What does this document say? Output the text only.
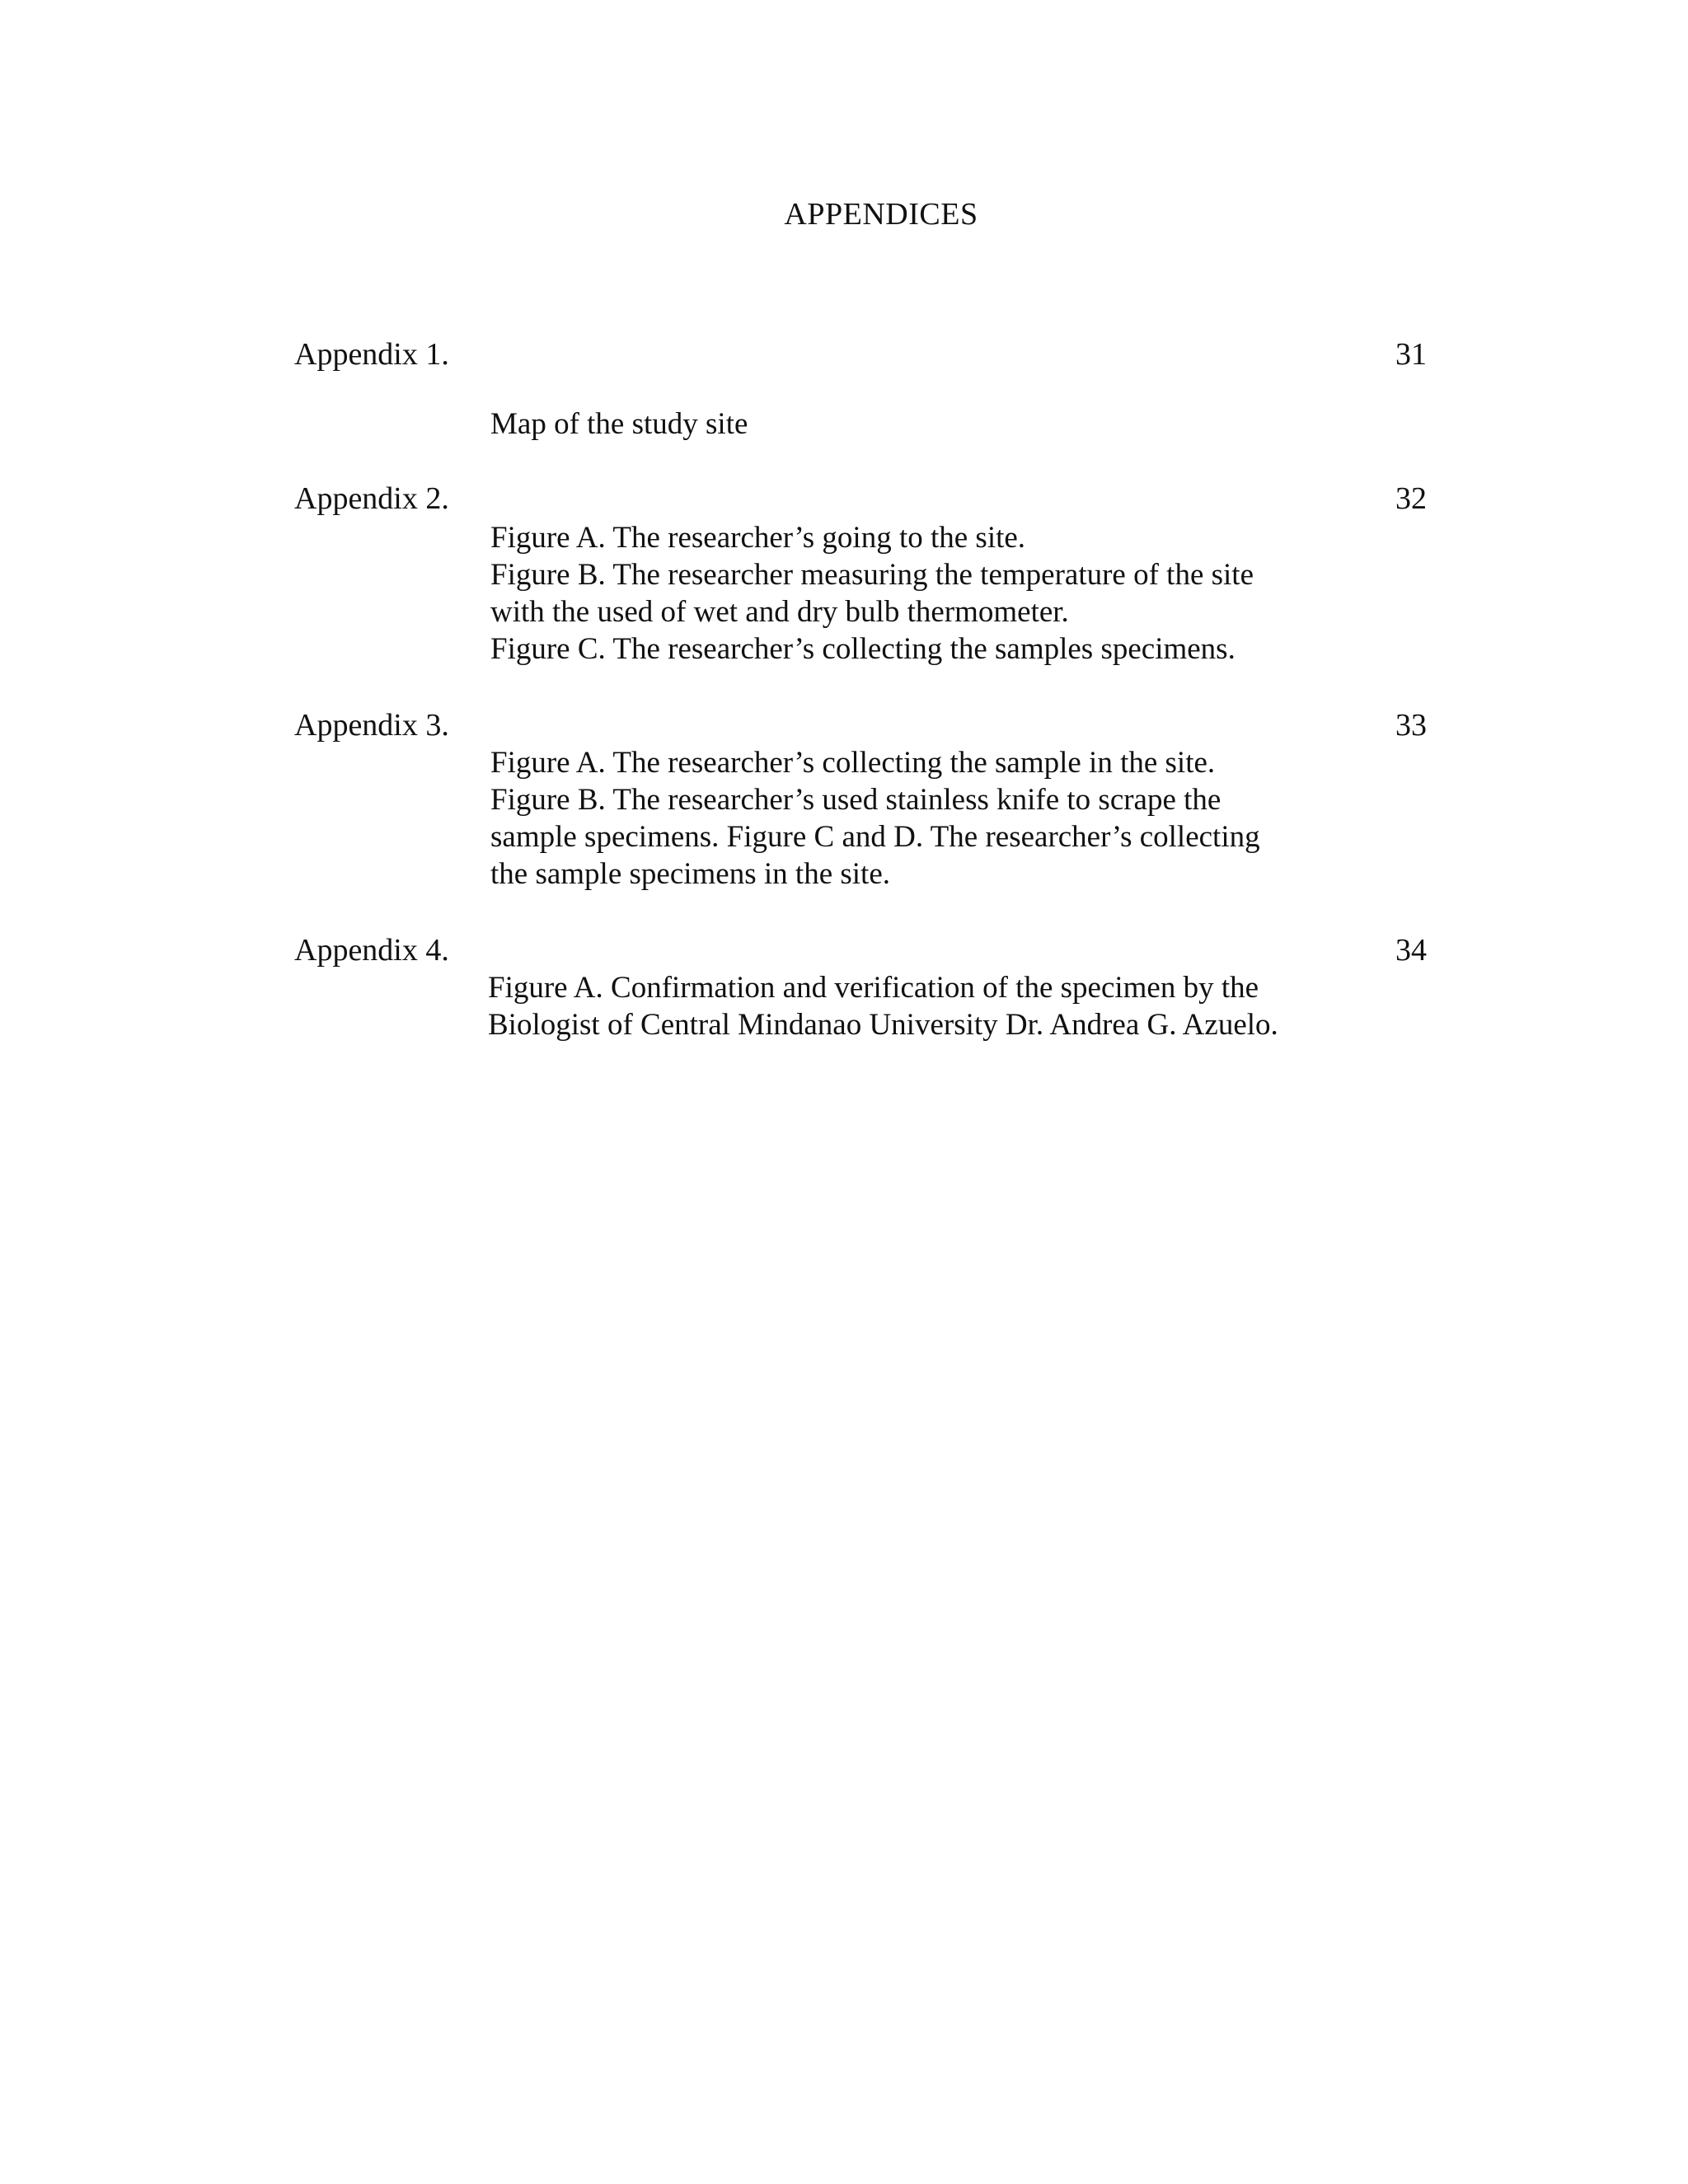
APPENDICES
Appendix 1.	31
Map of the study site
Appendix 2.	32
Figure A. The researcher’s going to the site.
Figure B. The researcher measuring the temperature of the site
with the used of wet and dry bulb thermometer.
Figure C. The researcher’s collecting the samples specimens.
Appendix 3.	33
Figure A. The researcher’s collecting the sample in the site.
Figure B. The researcher’s used stainless knife to scrape the
sample specimens. Figure C and D. The researcher’s collecting
the sample specimens in the site.
Appendix 4.	34
Figure A. Confirmation and verification of the specimen by the
Biologist of Central Mindanao University Dr. Andrea G. Azuelo.
